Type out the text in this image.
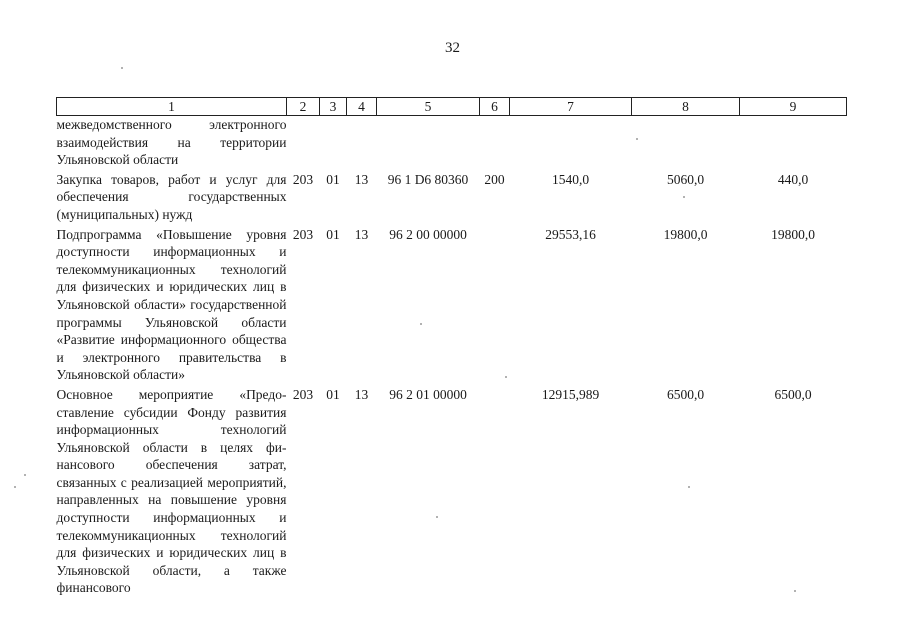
32
1	2	3	4	5	6	7	8	9
межведомственного электронного взаимодействия на территории Ульяновской области								
Закупка товаров, работ и услуг для обеспечения государственных (муниципальных) нужд	203	01	13	96 1 D6 80360	200	1540,0	5060,0	440,0
Подпрограмма «Повышение уровня доступности информационных и телекоммуникационных технологий для физических и юридических лиц в Ульяновской области» государственной программы Ульяновской области «Развитие информационного общества и электронного правительства в Ульяновской области»	203	01	13	96 2 00 00000		29553,16	19800,0	19800,0
Основное мероприятие «Предоставление субсидии Фонду развития информационных технологий Ульяновской области в целях финансового обеспечения затрат, связанных с реализацией мероприятий, направленных на повышение уровня доступности информационных и телекоммуникационных технологий для физических и юридических лиц в Ульяновской области, а также финансового	203	01	13	96 2 01 00000		12915,989	6500,0	6500,0
